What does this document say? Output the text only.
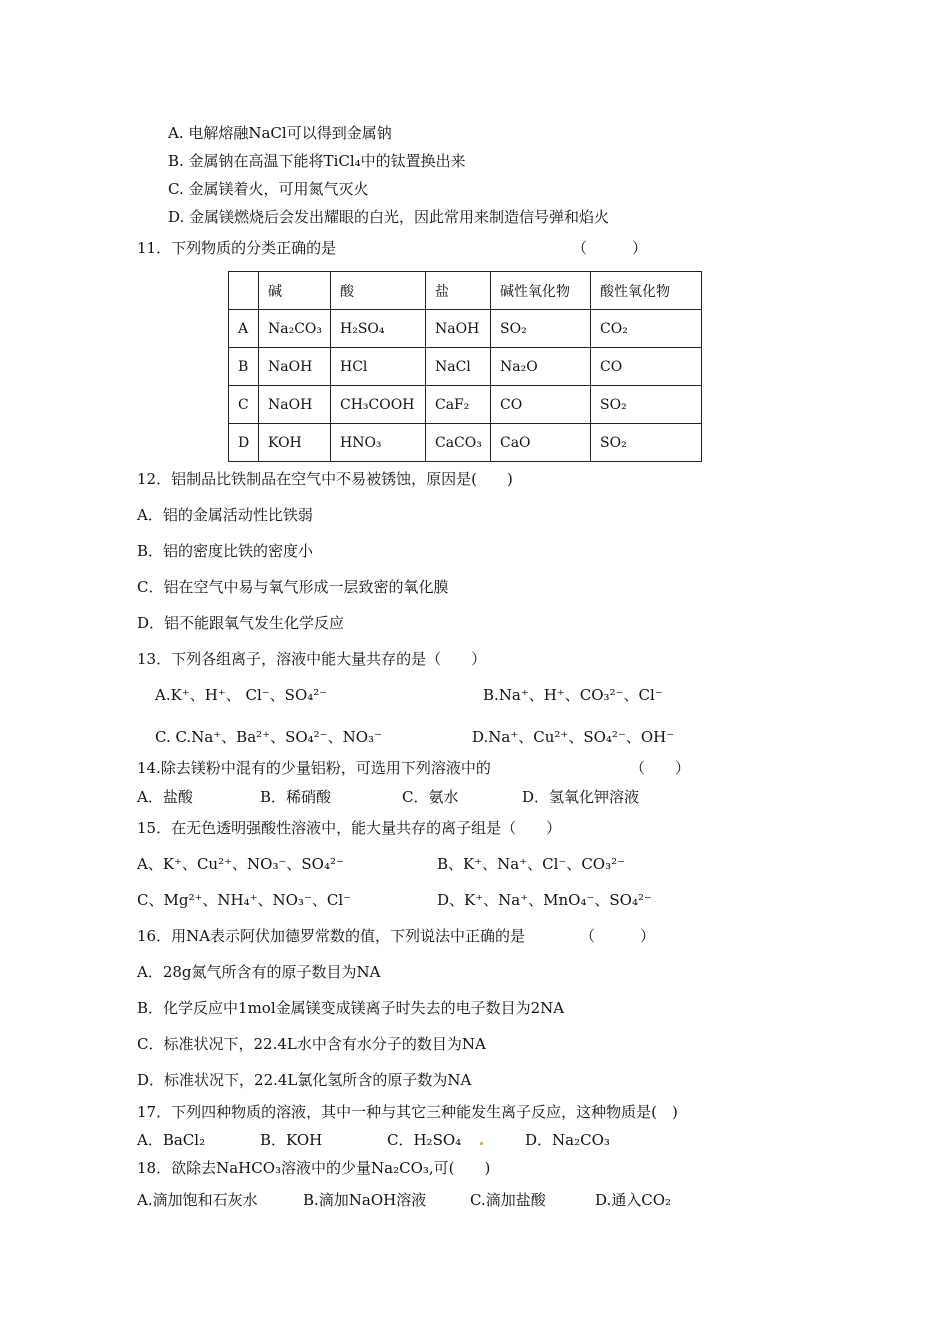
A. 电解熔融NaCl可以得到金属钠
B. 金属钠在高温下能将TiCl₄中的钛置换出来
C. 金属镁着火，可用氮气灭火
D. 金属镁燃烧后会发出耀眼的白光，因此常用来制造信号弹和焰火
11．下列物质的分类正确的是	（　　　）
	碱	酸	盐	碱性氧化物	酸性氧化物
A	Na₂CO₃	H₂SO₄	NaOH	SO₂	CO₂
B	NaOH	HCl	NaCl	Na₂O	CO
C	NaOH	CH₃COOH	CaF₂	CO	SO₂
D	KOH	HNO₃	CaCO₃	CaO	SO₂
12．铝制品比铁制品在空气中不易被锈蚀，原因是(　　)
A．铝的金属活动性比铁弱
B．铝的密度比铁的密度小
C．铝在空气中易与氧气形成一层致密的氧化膜
D．铝不能跟氧气发生化学反应
13．下列各组离子，溶液中能大量共存的是（　　）
A.K⁺、H⁺、 Cl⁻、SO₄²⁻	B.Na⁺、H⁺、CO₃²⁻、Cl⁻
C. C.Na⁺、Ba²⁺、SO₄²⁻、NO₃⁻	D.Na⁺、Cu²⁺、SO₄²⁻、OH⁻
14.除去镁粉中混有的少量铝粉，可选用下列溶液中的	（　　）
A．盐酸	B．稀硝酸	C．氨水	D．氢氧化钾溶液
15．在无色透明强酸性溶液中，能大量共存的离子组是（　　）
A、K⁺、Cu²⁺、NO₃⁻、SO₄²⁻	B、K⁺、Na⁺、Cl⁻、CO₃²⁻
C、Mg²⁺、NH₄⁺、NO₃⁻、Cl⁻	D、K⁺、Na⁺、MnO₄⁻、SO₄²⁻
16．用NA表示阿伏加德罗常数的值，下列说法中正确的是	（　　　）
A．28g氮气所含有的原子数目为NA
B．化学反应中1mol金属镁变成镁离子时失去的电子数目为2NA
C．标准状况下，22.4L水中含有水分子的数目为NA
D．标准状况下，22.4L氯化氢所含的原子数为NA
17．下列四种物质的溶液，其中一种与其它三种能发生离子反应，这种物质是(　)
A．BaCl₂	B．KOH	C．H₂SO₄	D．Na₂CO₃
18．欲除去NaHCO₃溶液中的少量Na₂CO₃,可(　　)
A.滴加饱和石灰水	B.滴加NaOH溶液	C.滴加盐酸	D.通入CO₂
